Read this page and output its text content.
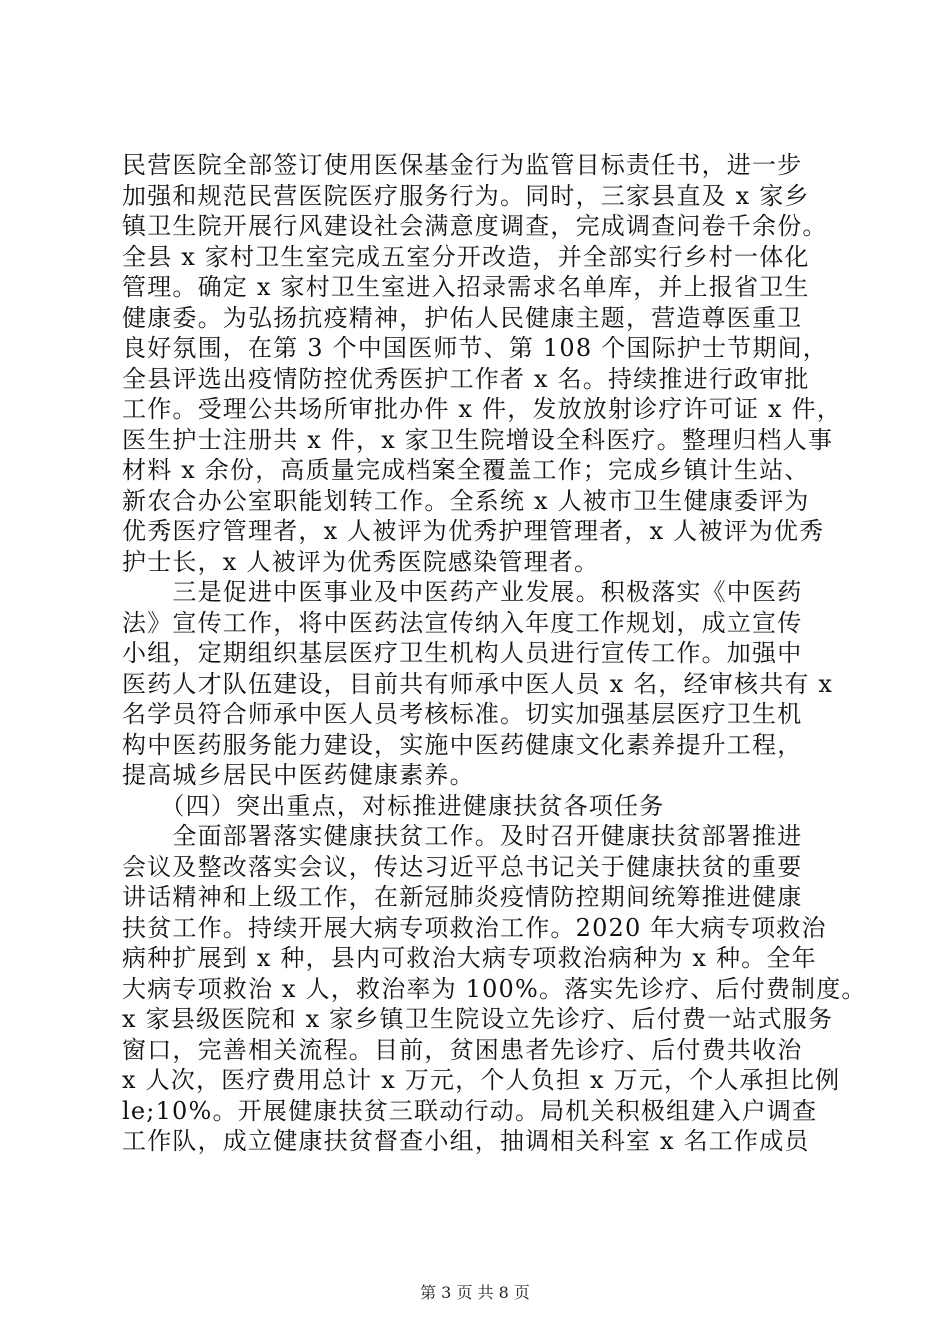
民营医院全部签订使用医保基金行为监管目标责任书，进一步
加强和规范民营医院医疗服务行为。同时，三家县直及 x 家乡
镇卫生院开展行风建设社会满意度调查，完成调查问卷千余份。
全县 x 家村卫生室完成五室分开改造，并全部实行乡村一体化
管理。确定 x 家村卫生室进入招录需求名单库，并上报省卫生
健康委。为弘扬抗疫精神，护佑人民健康主题，营造尊医重卫
良好氛围，在第 3 个中国医师节、第 108 个国际护士节期间，
全县评选出疫情防控优秀医护工作者 x 名。持续推进行政审批
工作。受理公共场所审批办件 x 件，发放放射诊疗许可证 x 件，
医生护士注册共 x 件，x 家卫生院增设全科医疗。整理归档人事
材料 x 余份，高质量完成档案全覆盖工作；完成乡镇计生站、
新农合办公室职能划转工作。全系统 x 人被市卫生健康委评为
优秀医疗管理者，x 人被评为优秀护理管理者，x 人被评为优秀
护士长，x 人被评为优秀医院感染管理者。
　　三是促进中医事业及中医药产业发展。积极落实《中医药
法》宣传工作，将中医药法宣传纳入年度工作规划，成立宣传
小组，定期组织基层医疗卫生机构人员进行宣传工作。加强中
医药人才队伍建设，目前共有师承中医人员 x 名，经审核共有 x
名学员符合师承中医人员考核标准。切实加强基层医疗卫生机
构中医药服务能力建设，实施中医药健康文化素养提升工程，
提高城乡居民中医药健康素养。
　　（四）突出重点，对标推进健康扶贫各项任务
　　全面部署落实健康扶贫工作。及时召开健康扶贫部署推进
会议及整改落实会议，传达习近平总书记关于健康扶贫的重要
讲话精神和上级工作，在新冠肺炎疫情防控期间统筹推进健康
扶贫工作。持续开展大病专项救治工作。2020 年大病专项救治
病种扩展到 x 种，县内可救治大病专项救治病种为 x 种。全年
大病专项救治 x 人，救治率为 100%。落实先诊疗、后付费制度。
x 家县级医院和 x 家乡镇卫生院设立先诊疗、后付费一站式服务
窗口，完善相关流程。目前，贫困患者先诊疗、后付费共收治
x 人次，医疗费用总计 x 万元，个人负担 x 万元，个人承担比例
le;10%。开展健康扶贫三联动行动。局机关积极组建入户调查
工作队，成立健康扶贫督查小组，抽调相关科室 x 名工作成员
第 3 页 共 8 页
